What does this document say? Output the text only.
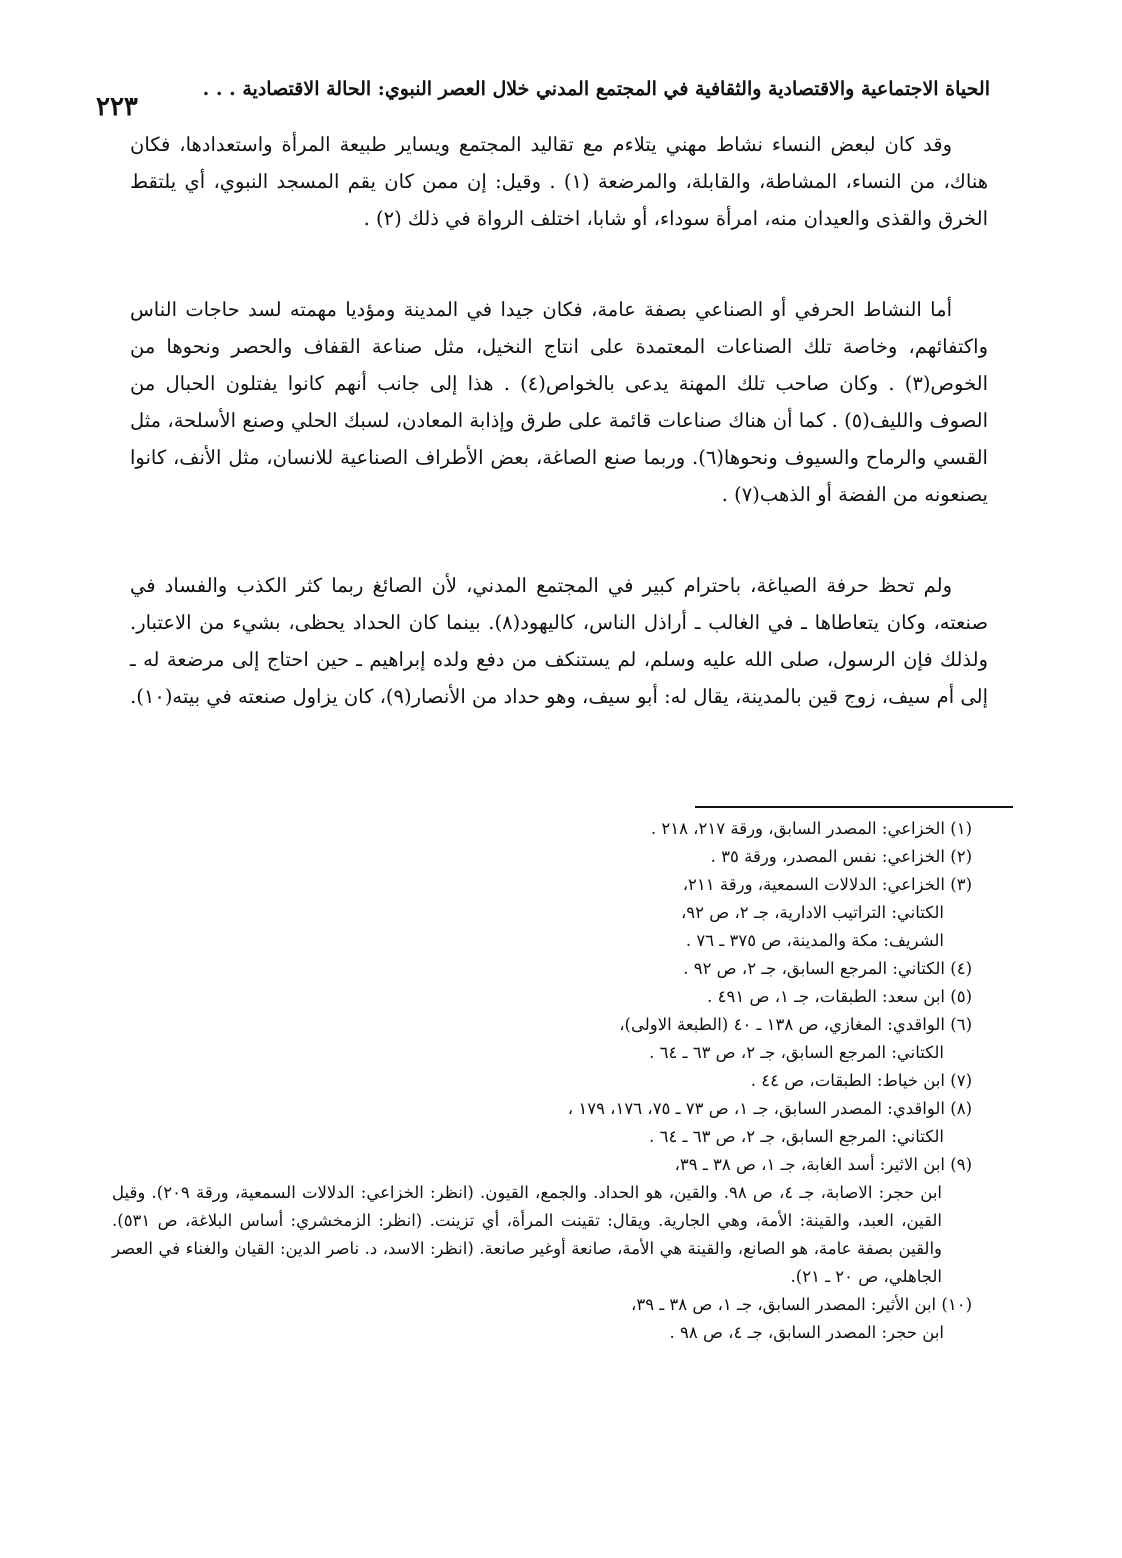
الحياة الاجتماعية والاقتصادية والثقافية في المجتمع المدني خلال العصر النبوي: الحالة الاقتصادية . . .
٢٢٣

وقد كان لبعض النساء نشاط مهني يتلاءم مع تقاليد المجتمع ويساير طبيعة المرأة واستعدادها، فكان هناك، من النساء، المشاطة، والقابلة، والمرضعة (١) . وقيل: إن ممن كان يقم المسجد النبوي، أي يلتقط الخرق والقذى والعيدان منه، امرأة سوداء، أو شابا، اختلف الرواة في ذلك (٢) .

أما النشاط الحرفي أو الصناعي بصفة عامة، فكان جيدا في المدينة ومؤديا مهمته لسد حاجات الناس واكتفائهم، وخاصة تلك الصناعات المعتمدة على انتاج النخيل، مثل صناعة القفاف والحصر ونحوها من الخوص(٣) . وكان صاحب تلك المهنة يدعى بالخواص(٤) . هذا إلى جانب أنهم كانوا يفتلون الحبال من الصوف والليف(٥) . كما أن هناك صناعات قائمة على طرق وإذابة المعادن، لسبك الحلي وصنع الأسلحة، مثل القسي والرماح والسيوف ونحوها(٦). وربما صنع الصاغة، بعض الأطراف الصناعية للانسان، مثل الأنف، كانوا يصنعونه من الفضة أو الذهب(٧) .

ولم تحظ حرفة الصياغة، باحترام كبير في المجتمع المدني، لأن الصائغ ربما كثر الكذب والفساد في صنعته، وكان يتعاطاها ـ في الغالب ـ أراذل الناس، كاليهود(٨). بينما كان الحداد يحظى، بشيء من الاعتبار. ولذلك فإن الرسول، صلى الله عليه وسلم، لم يستنكف من دفع ولده إبراهيم ـ حين احتاج إلى مرضعة له ـ إلى أم سيف، زوج قين بالمدينة، يقال له: أبو سيف، وهو حداد من الأنصار(٩)، كان يزاول صنعته في بيته(١٠).

(١) الخزاعي: المصدر السابق، ورقة ٢١٧، ٢١٨ .

(٢) الخزاعي: نفس المصدر، ورقة ٣٥ .

(٣) الخزاعي: الدلالات السمعية، ورقة ٢١١،

الكتاني: التراتيب الادارية، جـ ٢، ص ٩٢،

الشريف: مكة والمدينة، ص ٣٧٥ ـ ٧٦ .

(٤) الكتاني: المرجع السابق، جـ ٢، ص ٩٢ .

(٥) ابن سعد: الطبقات، جـ ١، ص ٤٩١ .

(٦) الواقدي: المغازي، ص ١٣٨ ـ ٤٠ (الطبعة الاولى)،

الكتاني: المرجع السابق، جـ ٢، ص ٦٣ ـ ٦٤ .

(٧) ابن خياط: الطبقات، ص ٤٤ .

(٨) الواقدي: المصدر السابق، جـ ١، ص ٧٣ ـ ٧٥، ١٧٦، ١٧٩ ،

الكتاني: المرجع السابق، جـ ٢، ص ٦٣ ـ ٦٤ .

(٩) ابن الاثير: أسد الغابة، جـ ١، ص ٣٨ ـ ٣٩،

ابن حجر: الاصابة، جـ ٤، ص ٩٨. والقين، هو الحداد. والجمع، القيون. (انظر: الخزاعي: الدلالات السمعية، ورقة ٢٠٩). وقيل القين، العبد، والقينة: الأمة، وهي الجارية. ويقال: تقينت المرأة، أي تزينت. (انظر: الزمخشري: أساس البلاغة، ص ٥٣١). والقين بصفة عامة، هو الصانع، والقينة هي الأمة، صانعة أوغير صانعة. (انظر: الاسد، د. ناصر الدين: القيان والغناء في العصر الجاهلي، ص ٢٠ ـ ٢١).

(١٠) ابن الأثير: المصدر السابق، جـ ١، ص ٣٨ ـ ٣٩،

ابن حجر: المصدر السابق، جـ ٤، ص ٩٨ .
